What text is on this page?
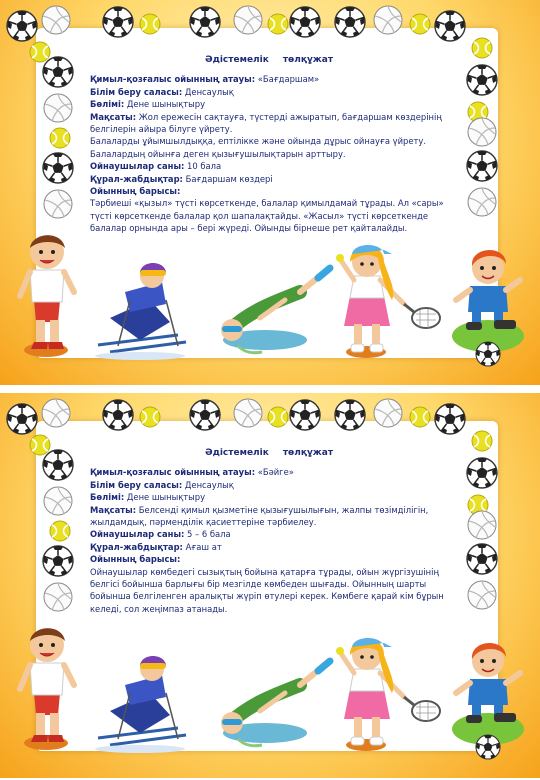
Әдістемелік төлқұжат

Қимыл-қозғалыс ойынның атауы: «Бағдаршам»

Білім беру саласы: Денсаулық

Бөлімі: Дене шынықтыру

Мақсаты: Жол ережесін сақтауға, түстерді ажыратып, бағдаршам көздерінің белгілерін айыра білуге үйрету.

Балаларды ұйымшылдыққа, ептілікке және ойында дұрыс ойнауға үйрету.

Балалардың ойынға деген қызығушылықтарын арттыру.

Ойнаушылар саны: 10 бала

Құрал-жабдықтар: Бағдаршам көздері

Ойынның барысы:

Тәрбиеші «қызыл» түсті көрсеткенде, балалар қимылдамай тұрады. Ал «сары» түсті көрсеткенде балалар қол шапалақтайды. «Жасыл» түсті көрсеткенде балалар орнында ары – бері жүреді. Ойынды бірнеше рет қайталайды.

Әдістемелік төлқұжат

Қимыл-қозғалыс ойынның атауы: «Бәйге»

Білім беру саласы: Денсаулық

Бөлімі: Дене шынықтыру

Мақсаты: Белсенді қимыл қызметіне қызығушылығын, жалпы төзімділігін, жылдамдық, пәрменділік қасиеттеріне тәрбиелеу.

Ойнаушылар саны: 5 – 6 бала

Құрал-жабдықтар: Ағаш ат

Ойынның барысы:

Ойнаушылар көмбедегі сызықтың бойына қатарға тұрады, ойын жүргізушінің белгісі бойынша барлығы бір мезгілде көмбеден шығады. Ойынның шарты бойынша белгіленген аралықты жүріп өтулері керек. Көмбеге қарай кім бұрын келеді, сол жеңімпаз атанады.
